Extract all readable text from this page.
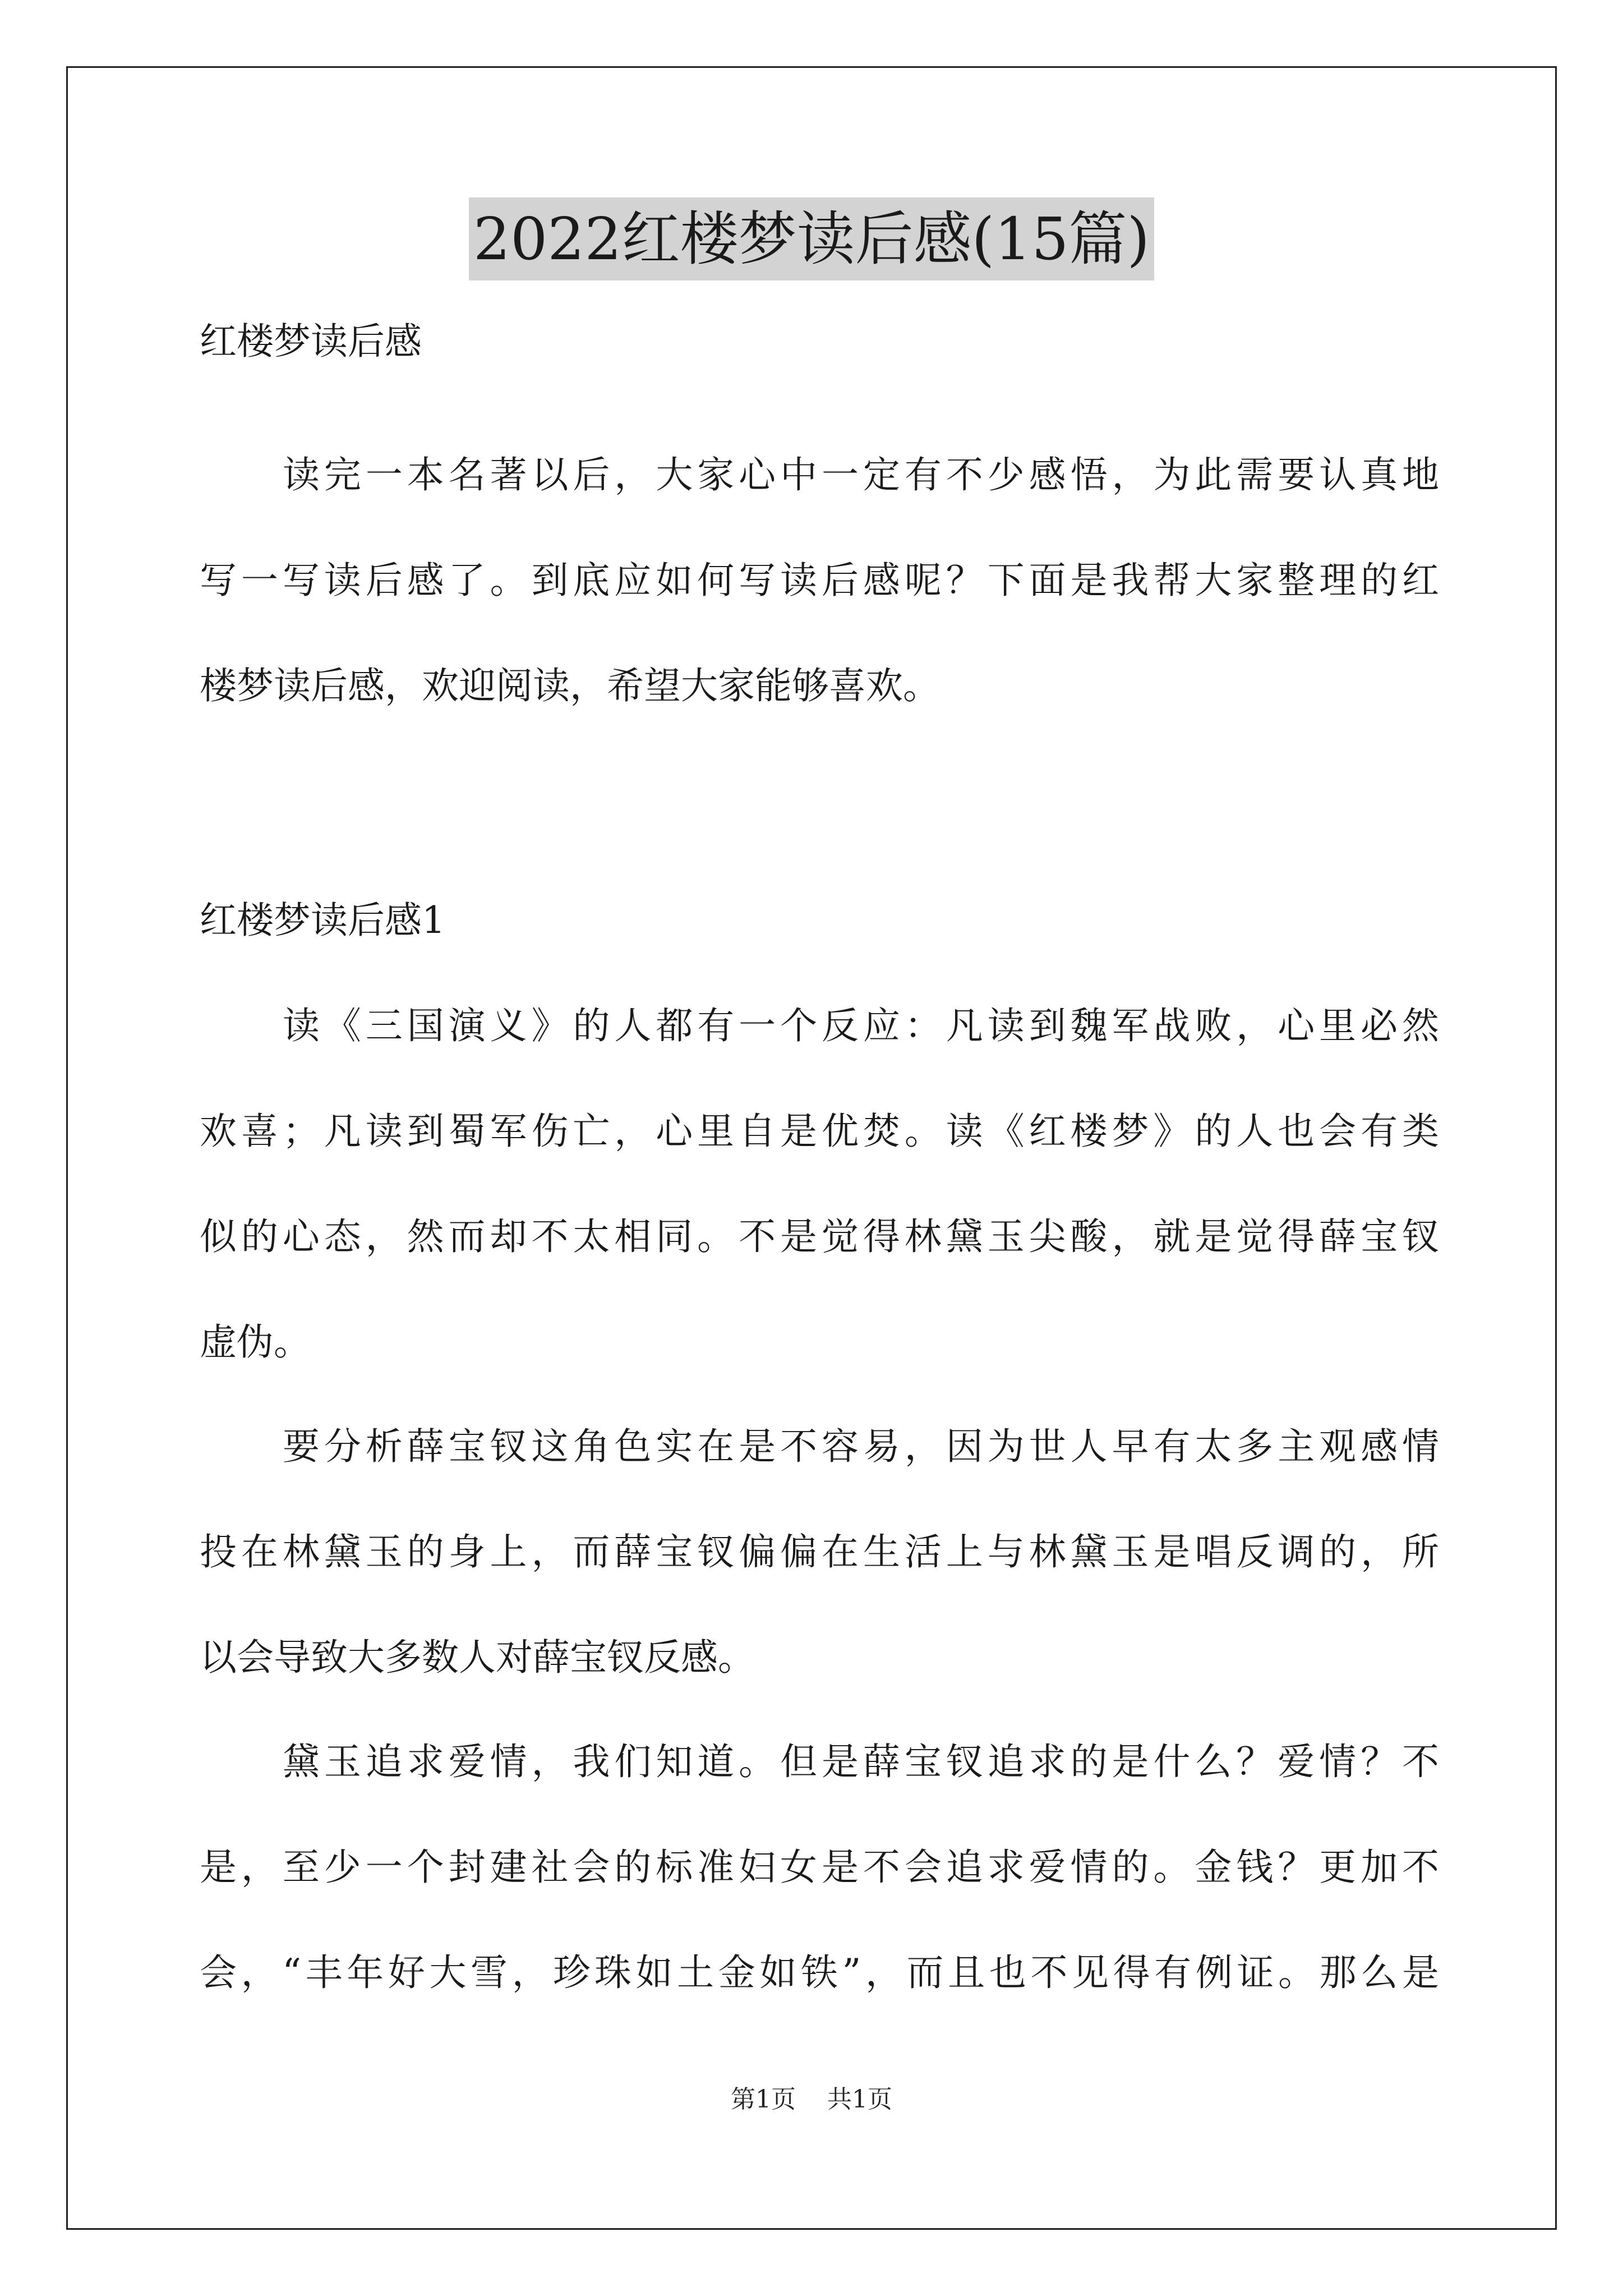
2022红楼梦读后感(15篇)

红楼梦读后感

读完一本名著以后，大家心中一定有不少感悟，为此需要认真地
写一写读后感了。到底应如何写读后感呢？下面是我帮大家整理的红
楼梦读后感，欢迎阅读，希望大家能够喜欢。

红楼梦读后感1

读《三国演义》的人都有一个反应：凡读到魏军战败，心里必然
欢喜；凡读到蜀军伤亡，心里自是优焚。读《红楼梦》的人也会有类
似的心态，然而却不太相同。不是觉得林黛玉尖酸，就是觉得薛宝钗
虚伪。
要分析薛宝钗这角色实在是不容易，因为世人早有太多主观感情
投在林黛玉的身上，而薛宝钗偏偏在生活上与林黛玉是唱反调的，所
以会导致大多数人对薛宝钗反感。
黛玉追求爱情，我们知道。但是薛宝钗追求的是什么？爱情？不
是，至少一个封建社会的标准妇女是不会追求爱情的。金钱？更加不
会，“丰年好大雪，珍珠如土金如铁”，而且也不见得有例证。那么是
第1页 共1页
